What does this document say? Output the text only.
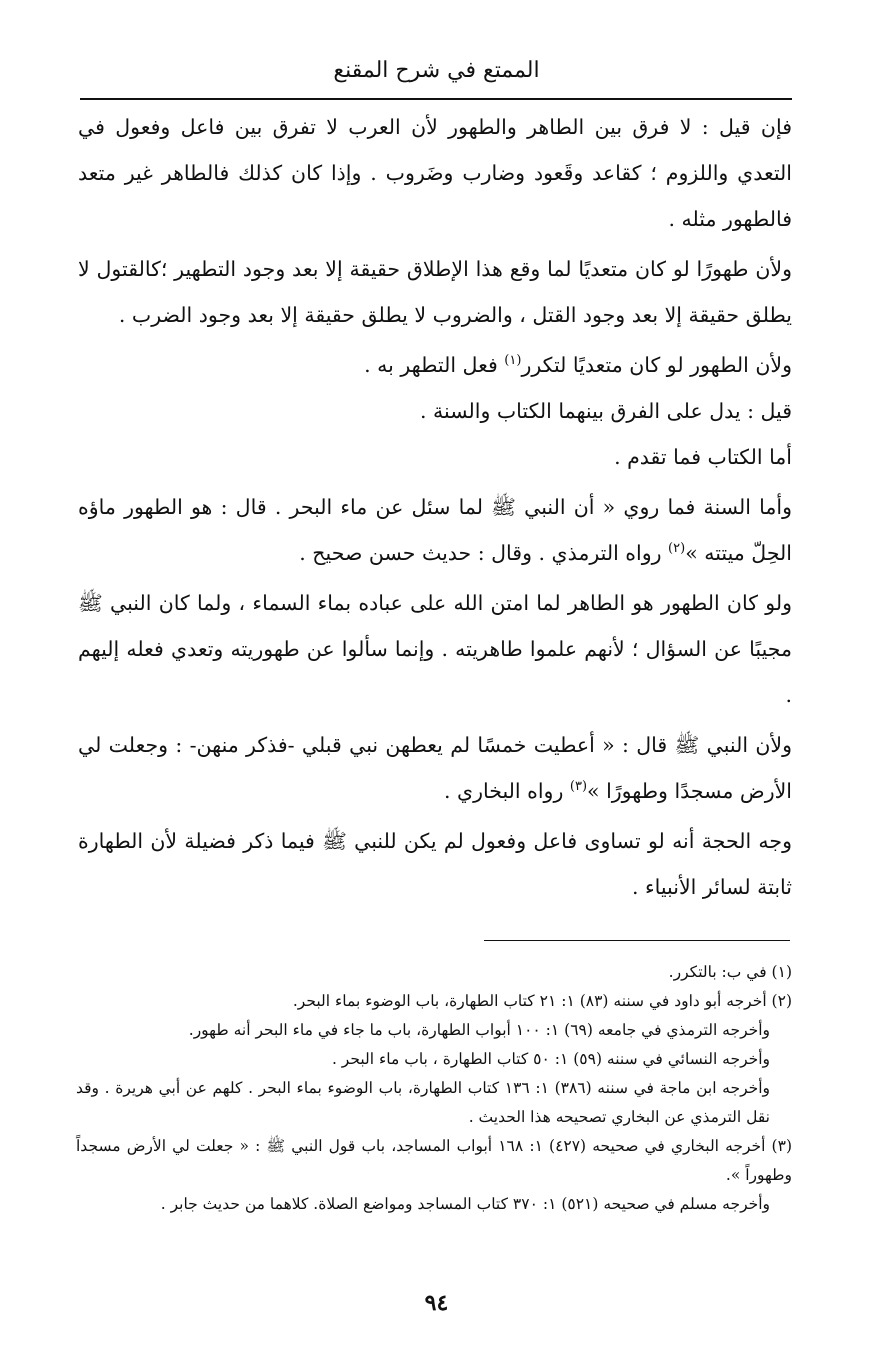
الممتع في شرح المقنع

فإن قيل : لا فرق بين الطاهر والطهور لأن العرب لا تفرق بين فاعل وفعول في التعدي واللزوم ؛ كقاعد وقَعود وضارب وضَروب . وإذا كان كذلك فالطاهر غير متعد فالطهور مثله .

ولأن طهورًا لو كان متعديًا لما وقع هذا الإطلاق حقيقة إلا بعد وجود التطهير ؛كالقتول لا يطلق حقيقة إلا بعد وجود القتل ، والضروب لا يطلق حقيقة إلا بعد وجود الضرب .

ولأن الطهور لو كان متعديًا لتكرر$^{(١)}$ فعل التطهر به .

قيل : يدل على الفرق بينهما الكتاب والسنة .

أما الكتاب فما تقدم .

وأما السنة فما روي « أن النبي ﷺ لما سئل عن ماء البحر . قال : هو الطهور ماؤه الحِلّ ميتته »$^{(٢)}$ رواه الترمذي . وقال : حديث حسن صحيح .

ولو كان الطهور هو الطاهر لما امتن الله على عباده بماء السماء ، ولما كان النبي ﷺ مجيبًا عن السؤال ؛ لأنهم علموا طاهريته . وإنما سألوا عن طهوريته وتعدي فعله إليهم .

ولأن النبي ﷺ قال : « أعطيت خمسًا لم يعطهن نبي قبلي -فذكر منهن- : وجعلت لي الأرض مسجدًا وطهورًا »$^{(٣)}$ رواه البخاري .

وجه الحجة أنه لو تساوى فاعل وفعول لم يكن للنبي ﷺ فيما ذكر فضيلة لأن الطهارة ثابتة لسائر الأنبياء .

(١) في ب: بالتكرر.

(٢) أخرجه أبو داود في سننه (٨٣) ١: ٢١ كتاب الطهارة، باب الوضوء بماء البحر.

وأخرجه الترمذي في جامعه (٦٩) ١: ١٠٠ أبواب الطهارة، باب ما جاء في ماء البحر أنه طهور.

وأخرجه النسائي في سننه (٥٩) ١: ٥٠ كتاب الطهارة ، باب ماء البحر .

وأخرجه ابن ماجة في سننه (٣٨٦) ١: ١٣٦ كتاب الطهارة، باب الوضوء بماء البحر . كلهم عن أبي هريرة . وقد نقل الترمذي عن البخاري تصحيحه هذا الحديث .

(٣) أخرجه البخاري في صحيحه (٤٢٧) ١: ١٦٨ أبواب المساجد، باب قول النبي ﷺ : « جعلت لي الأرض مسجداً وطهوراً ».

وأخرجه مسلم في صحيحه (٥٢١) ١: ٣٧٠ كتاب المساجد ومواضع الصلاة. كلاهما من حديث جابر .

٩٤
